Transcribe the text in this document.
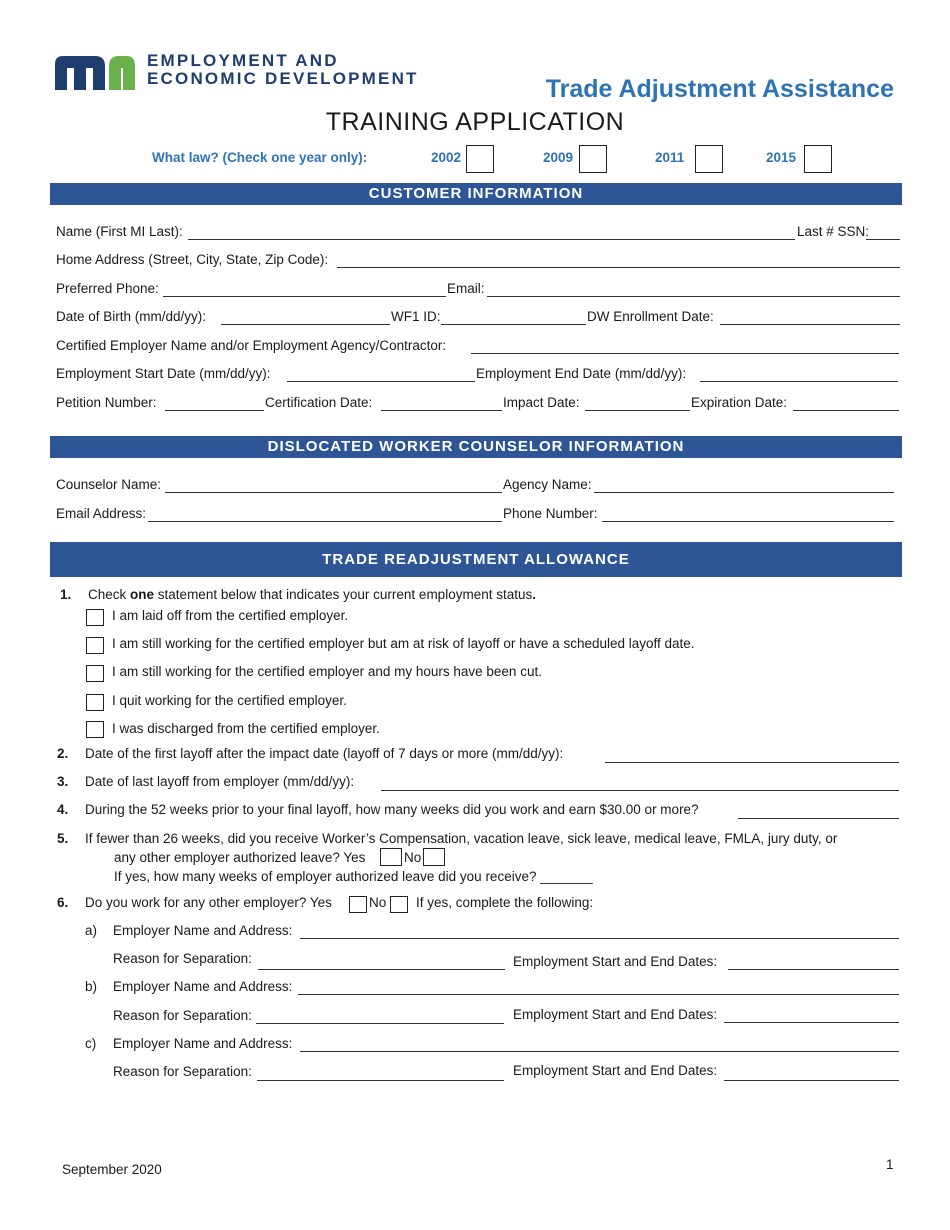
EMPLOYMENT AND
ECONOMIC DEVELOPMENT	Trade Adjustment Assistance
TRAINING APPLICATION
What law? (Check one year only):	2002	2009	2011	2015
CUSTOMER INFORMATION
Name (First MI Last):	Last # SSN:
Home Address (Street, City, State, Zip Code):
Preferred Phone:	Email:
Date of Birth (mm/dd/yy):	WF1 ID:	DW Enrollment Date:
Certified Employer Name and/or Employment Agency/Contractor:
Employment Start Date (mm/dd/yy):	Employment End Date (mm/dd/yy):
Petition Number:	Certification Date:	Impact Date:	Expiration Date:
DISLOCATED WORKER COUNSELOR INFORMATION
Counselor Name:	Agency Name:
Email Address:	Phone Number:
TRADE READJUSTMENT ALLOWANCE
1. Check one statement below that indicates your current employment status.
I am laid off from the certified employer.
I am still working for the certified employer but am at risk of layoff or have a scheduled layoff date.
I am still working for the certified employer and my hours have been cut.
I quit working for the certified employer.
I was discharged from the certified employer.
2. Date of the first layoff after the impact date (layoff of 7 days or more (mm/dd/yy):
3. Date of last layoff from employer (mm/dd/yy):
4. During the 52 weeks prior to your final layoff, how many weeks did you work and earn $30.00 or more?
5. If fewer than 26 weeks, did you receive Worker’s Compensation, vacation leave, sick leave, medical leave, FMLA, jury duty, or
any other employer authorized leave? Yes	No
If yes, how many weeks of employer authorized leave did you receive? _______
6. Do you work for any other employer? Yes	No If yes, complete the following:
a) Employer Name and Address:
Reason for Separation:	Employment Start and End Dates:
b) Employer Name and Address:
Reason for Separation:	Employment Start and End Dates:
c) Employer Name and Address:
Reason for Separation:	Employment Start and End Dates:
September 2020	1
